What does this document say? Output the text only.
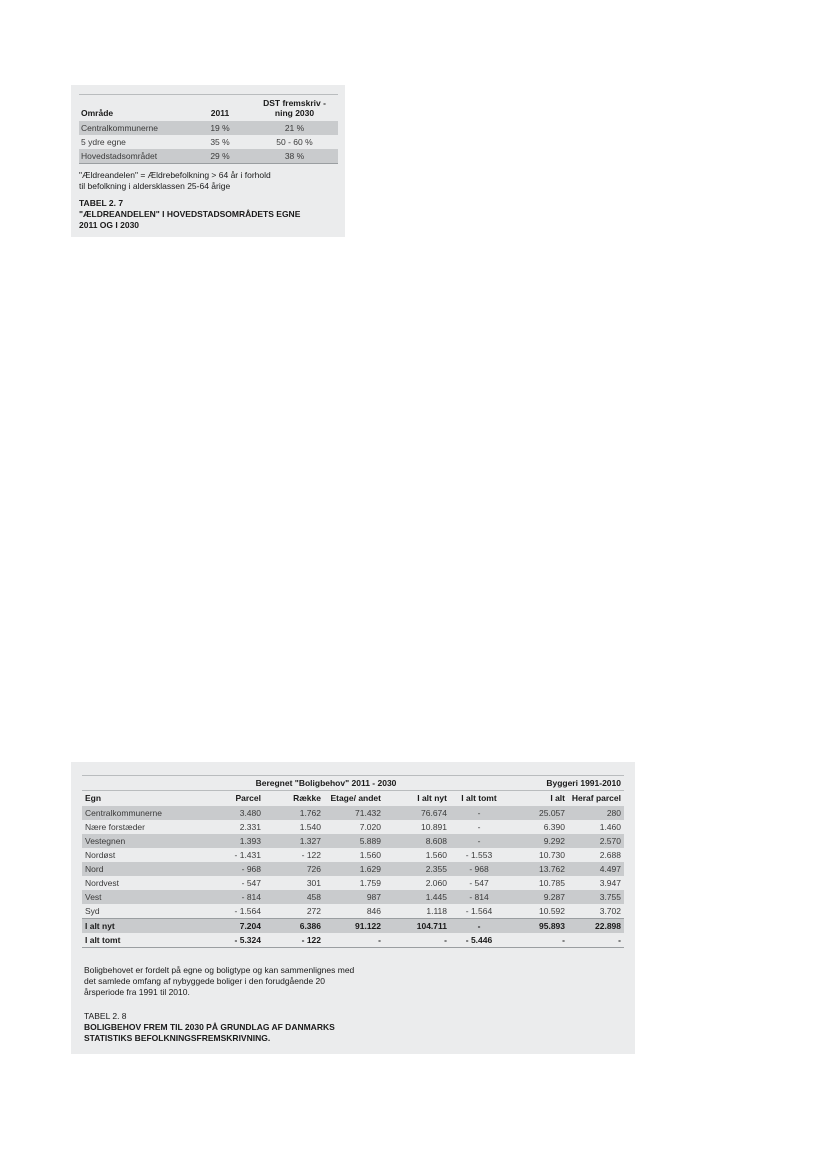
Område	2011	DST fremskriv - ning 2030
Centralkommunerne	19 %	21 %
5 ydre egne	35 %	50 - 60 %
Hovedstadsområdet	29 %	38 %
"Ældreandelen" = Ældrebefolkning > 64 år i forhold
til befolkning i aldersklassen 25-64 årige
TABEL 2. 7
"ÆLDREANDELEN" I HOVEDSTADSOMRÅDETS EGNE
2011 OG I 2030
	Beregnet "Boligbehov" 2011 - 2030					Byggeri 1991-2010	
Egn	Parcel	Række	Etage/ andet	I alt nyt	I alt tomt	I alt	Heraf parcel
Centralkommunerne	3.480	1.762	71.432	76.674	-	25.057	280
Nære forstæder	2.331	1.540	7.020	10.891	-	6.390	1.460
Vestegnen	1.393	1.327	5.889	8.608	-	9.292	2.570
Nordøst	- 1.431	- 122	1.560	1.560	- 1.553	10.730	2.688
Nord	- 968	726	1.629	2.355	- 968	13.762	4.497
Nordvest	- 547	301	1.759	2.060	- 547	10.785	3.947
Vest	- 814	458	987	1.445	- 814	9.287	3.755
Syd	- 1.564	272	846	1.118	- 1.564	10.592	3.702
I alt nyt	7.204	6.386	91.122	104.711	-	95.893	22.898
I alt tomt	- 5.324	- 122	-	-	- 5.446	-	-
Boligbehovet er fordelt på egne og boligtype og kan sammenlignes med
det samlede omfang af nybyggede boliger i den forudgående 20
årsperiode fra 1991 til 2010.
TABEL 2. 8
BOLIGBEHOV FREM TIL 2030 PÅ GRUNDLAG AF DANMARKS
STATISTIKS BEFOLKNINGSFREMSKRIVNING.
